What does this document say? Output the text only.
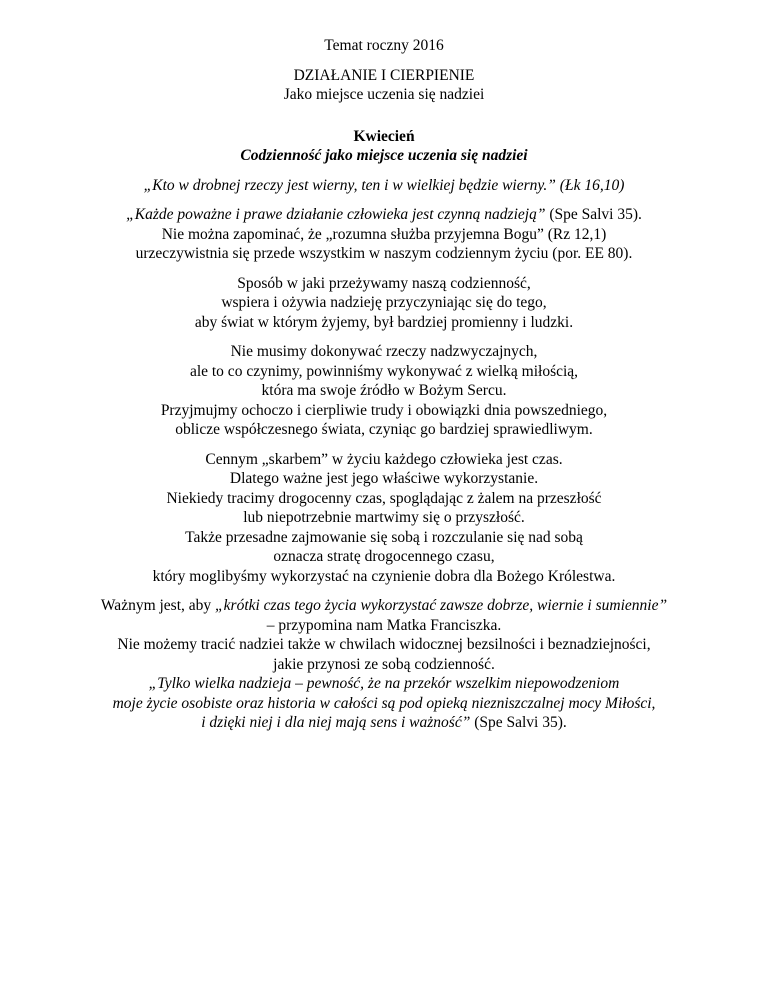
Temat roczny 2016
DZIAŁANIE I CIERPIENIE
Jako miejsce uczenia się nadziei
Kwiecień
Codzienność jako miejsce uczenia się nadziei
„Kto w drobnej rzeczy jest wierny, ten i w wielkiej będzie wierny.” (Łk 16,10)
„Każde poważne i prawe działanie człowieka jest czynną nadzieją” (Spe Salvi 35).
Nie można zapominać, że „rozumna służba przyjemna Bogu” (Rz 12,1)
urzeczywistnia się przede wszystkim w naszym codziennym życiu (por. EE 80).
Sposób w jaki przeżywamy naszą codzienność,
wspiera i ożywia nadzieję przyczyniając się do tego,
aby świat w którym żyjemy, był bardziej promienny i ludzki.
Nie musimy dokonywać rzeczy nadzwyczajnych,
ale to co czynimy, powinniśmy wykonywać z wielką miłością,
która ma swoje źródło w Bożym Sercu.
Przyjmujmy ochoczo i cierpliwie trudy i obowiązki dnia powszedniego,
oblicze współczesnego świata, czyniąc go bardziej sprawiedliwym.
Cennym „skarbem” w życiu każdego człowieka jest czas.
Dlatego ważne jest jego właściwe wykorzystanie.
Niekiedy tracimy drogocenny czas, spoglądając z żalem na przeszłość
lub niepotrzebnie martwimy się o przyszłość.
Także przesadne zajmowanie się sobą i rozczulanie się nad sobą
oznacza stratę drogocennego czasu,
który moglibyśmy wykorzystać na czynienie dobra dla Bożego Królestwa.
Ważnym jest, aby „krótki czas tego życia wykorzystać zawsze dobrze, wiernie i sumiennie”
– przypomina nam Matka Franciszka.
Nie możemy tracić nadziei także w chwilach widocznej bezsilności i beznadziejności,
jakie przynosi ze sobą codzienność.
„Tylko wielka nadzieja – pewność, że na przekór wszelkim niepowodzeniom
moje życie osobiste oraz historia w całości są pod opieką niezniszczalnej mocy Miłości,
i dzięki niej i dla niej mają sens i ważność” (Spe Salvi 35).
